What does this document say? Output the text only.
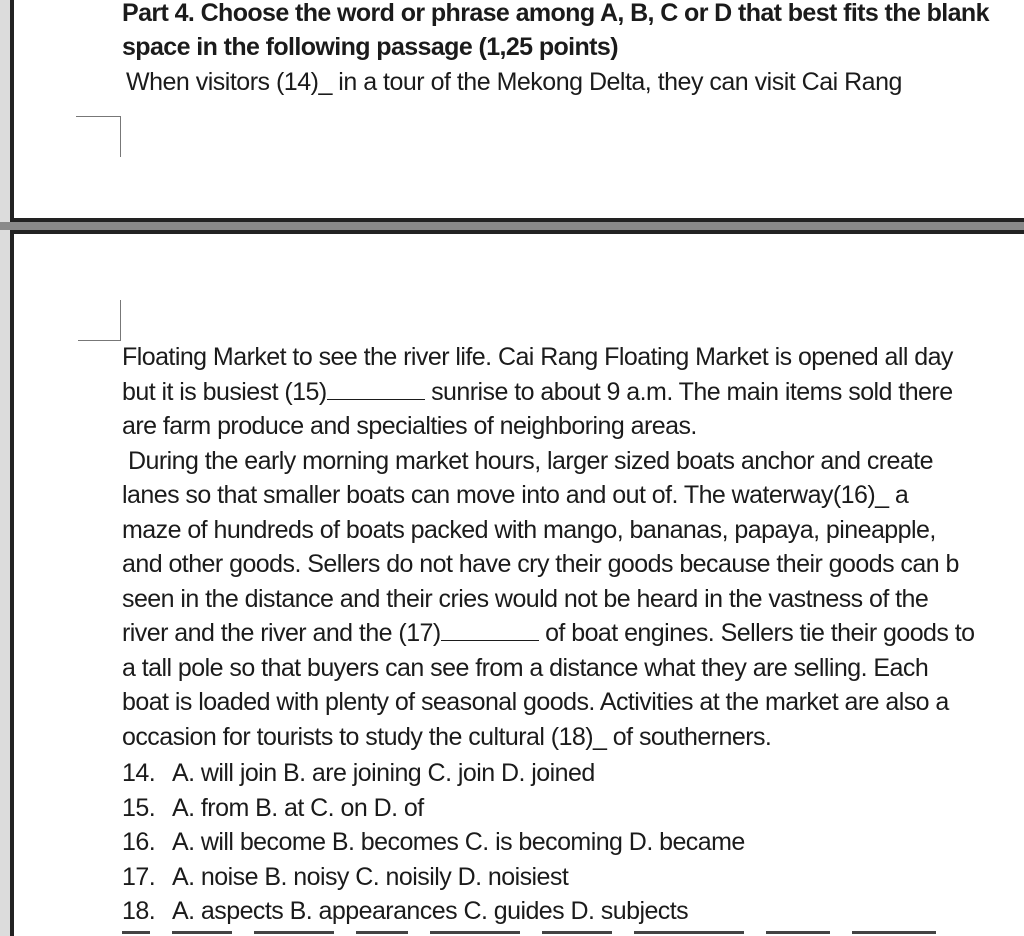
Part 4. Choose the word or phrase among A, B, C or D that best fits the blank
space in the following passage (1,25 points)
When visitors (14)_ in a tour of the Mekong Delta, they can visit Cai Rang

Floating Market to see the river life. Cai Rang Floating Market is opened all day

but it is busiest (15)	sunrise to about 9 a.m. The main items sold there

are farm produce and specialties of neighboring areas.

During the early morning market hours, larger sized boats anchor and create

lanes so that smaller boats can move into and out of. The waterway(16)_ a

maze of hundreds of boats packed with mango, bananas, papaya, pineapple,

and other goods. Sellers do not have cry their goods because their goods can b

seen in the distance and their cries would not be heard in the vastness of the

river and the river and the (17)	of boat engines. Sellers tie their goods to

a tall pole so that buyers can see from a distance what they are selling. Each

boat is loaded with plenty of seasonal goods. Activities at the market are also a

occasion for tourists to study the cultural (18)_ of southerners.

14. A. will join B. are joining C. join D. joined
15. A. from B. at C. on D. of
16. A. will become B. becomes C. is becoming D. became
17. A. noise B. noisy C. noisily D. noisiest
18. A. aspects B. appearances C. guides D. subjects
